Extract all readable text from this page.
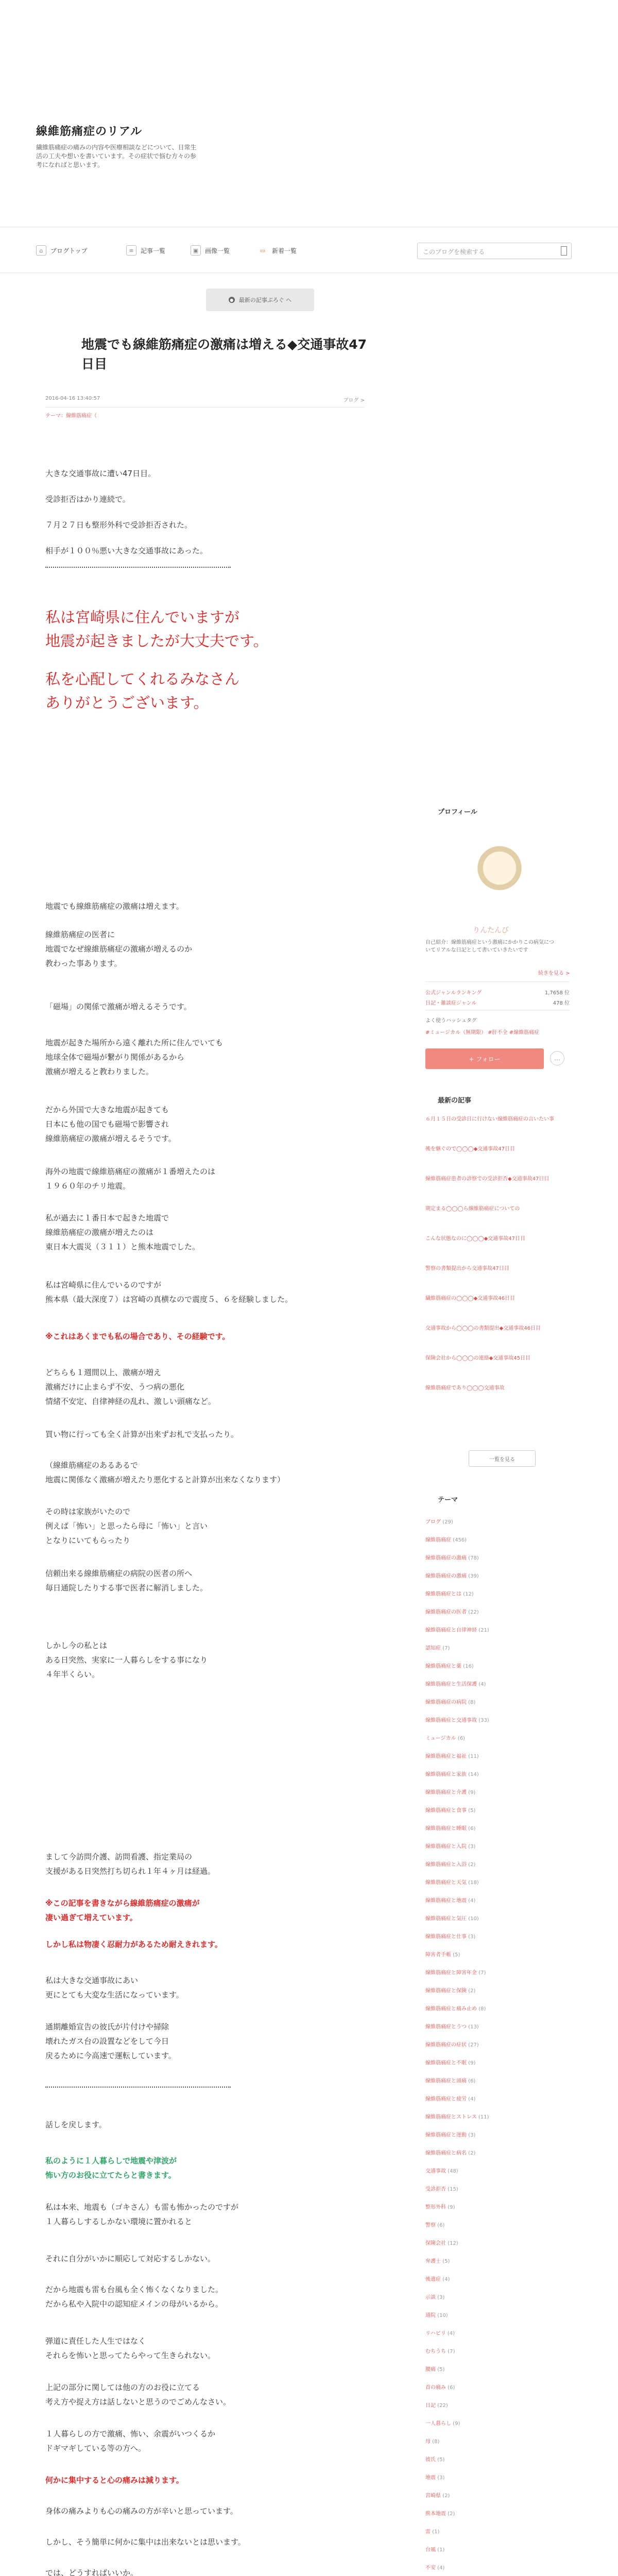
線維筋痛症のリアル
繊維筋痛症の痛みの内容や医療相談などについて、日常生活の工夫や想いを書いています。その症状で悩む方々の参考になればと思います。
⌂	ブログトップ	≡	記事一覧	▣	画像一覧	▭	新着一覧	このブログを検索する
● 最新の記事ぷろぐ へ
地震でも線維筋痛症の激痛は増える◆交通事故47日目
2016-04-16 13:40:57	ブログ >
テーマ：線維筋痛症（
大きな交通事故に遭い47日目。
受診拒否はかり連続で。
７月２７日も整形外科で受診拒否された。
相手が１００％悪い大きな交通事故にあった。
私は宮崎県に住んでいますが
地震が起きましたが大丈夫です。
私を心配してくれるみなさん
ありがとうございます。
地震でも線維筋痛症の激痛は増えます。
線維筋痛症の医者に
地震でなぜ線維筋痛症の激痛が増えるのか
教わった事あります。
「磁場」の関係で激痛が増えるそうです。
地震が起きた場所から遠く離れた所に住んでいても
地球全体で磁場が繋がり関係があるから
激痛が増えると教わりました。
だから外国で大きな地震が起きても
日本にも他の国でも磁場で影響され
線維筋痛症の激痛が増えるそうです。
海外の地震で線維筋痛症の激痛が１番増えたのは
１９６０年のチリ地震。
私が過去に１番日本で起きた地震で
線維筋痛症の激痛が増えたのは
東日本大震災（３１１）と熊本地震でした。
私は宮崎県に住んでいるのですが
熊本県（最大深度７）は宮崎の真横なので震度５、６を経験しました。
※これはあくまでも私の場合であり、その経験です。
どちらも１週間以上、激痛が増え
激痛だけに止まらず不安、うつ病の悪化
情緒不安定、自律神経の乱れ、激しい頭痛など。
買い物に行っても全く計算が出来ずお札で支払ったり。
（線維筋痛症のあるあるで
地震に関係なく激痛が増えたり悪化すると計算が出来なくなります）
その時は家族がいたので
例えば「怖い」と思ったら母に「怖い」と言い
となりにいてもらったり
信頼出来る線維筋痛症の病院の医者の所へ
毎日通院したりする事で医者に解消しました。
しかし今の私とは
ある日突然、実家に一人暮らしをする事になり
４年半くらい。
まして今訪問介護、訪問看護、指定業局の
支援がある日突然打ち切られ１年４ヶ月は経過。
※この記事を書きながら線維筋痛症の激痛が
凄い過ぎて増えています。
しかし私は物凄く忍耐力があるため耐えきれます。
私は大きな交通事故にあい
更にとても大変な生活になっています。
通期離婚宣告の彼氏が片付けや掃除
壊れたガス台の設置などをして今日
戻るために今高速で運転しています。
話しを戻します。
私のように１人暮らしで地震や津波が
怖い方のお役に立てたらと書きます。
私は本来、地震も（ゴキさん）も雷も怖かったのですが
１人暮らしするしかない環境に置かれると
それに自分がいかに順応して対応するしかない。
だから地震も雷も台風も全く怖くなくなりました。
だから私や入院中の認知症メインの母がいるから。
弾道に責任した人生ではなく
それらを怖いと思ってたらやって生きられない。
上記の部分に関しては他の方のお役に立てる
考え方や捉え方は話しないと思うのでごめんなさい。
１人暮らしの方で激痛、怖い、余震がいつくるか
ドギマギしている等の方へ。
何かに集中すると心の痛みは減ります。
身体の痛みよりも心の痛みの方が辛いと思っています。
しかし、そう簡単に何かに集中は出来ないとは思います。
では、どうすればいいか。
プロフィール
りんたんび
自己紹介：線維筋痛症という激痛にかかりこの病気についてリアルな日記として書いていきたいです
続きを見る >
公式ジャンルランキング	1,7658 位
日記・雑談症ジャンル	478 位
よく使うハッシュタグ
#ミュージカル（無期限） #肝不全 #線維筋痛症
+ フォロー	…
最新の記事
６月１５日の受診日に行けない線維筋痛症の言いたい事
後を継ぐので◯◯◯◆交通事故47日目
線維筋痛症患者の診察での受診拒否◆交通事故47日目
期定まる◯◯◯ら線維筋痛症についての
こんな状態なのに◯◯◯◆交通事故47日目
警察の書類提出から交通事故47日目
繊維筋痛症の◯◯◯◆交通事故46日目
交通事故から◯◯◯の書類提出◆交通事故46日目
保険会社から◯◯◯の連絡◆交通事故45日目
線維筋痛症であり◯◯◯交通事故
一覧を見る
テーマ
ブログ (29)
線維筋痛症 (456)
線維筋痛症の激痛 (78)
線維筋痛症の激痛 (39)
線維筋痛症とは (12)
線維筋痛症の医者 (22)
線維筋痛症と自律神経 (21)
認知症 (7)
線維筋痛症と薬 (16)
線維筋痛症と生活保護 (4)
線維筋痛症の病院 (8)
線維筋痛症と交通事故 (33)
ミュージカル (6)
線維筋痛症と福祉 (11)
線維筋痛症と家族 (14)
線維筋痛症と介護 (9)
線維筋痛症と食事 (5)
線維筋痛症と睡眠 (6)
線維筋痛症と入院 (3)
線維筋痛症と入浴 (2)
線維筋痛症と天気 (18)
線維筋痛症と地震 (4)
線維筋痛症と気圧 (10)
線維筋痛症と仕事 (3)
障害者手帳 (5)
線維筋痛症と障害年金 (7)
線維筋痛症と保険 (2)
線維筋痛症と痛み止め (8)
線維筋痛症とうつ (13)
線維筋痛症の症状 (27)
線維筋痛症と不眠 (9)
線維筋痛症と頭痛 (6)
線維筋痛症と疲労 (4)
線維筋痛症とストレス (11)
線維筋痛症と運動 (3)
線維筋痛症と病名 (2)
交通事故 (48)
受診拒否 (15)
整形外科 (9)
警察 (6)
保険会社 (12)
弁護士 (5)
後遺症 (4)
示談 (3)
通院 (10)
リハビリ (4)
むちうち (7)
腰痛 (5)
首の痛み (6)
日記 (22)
一人暮らし (9)
母 (8)
彼氏 (5)
地震 (3)
宮崎県 (2)
熊本地震 (2)
雷 (1)
台風 (1)
不安 (4)
